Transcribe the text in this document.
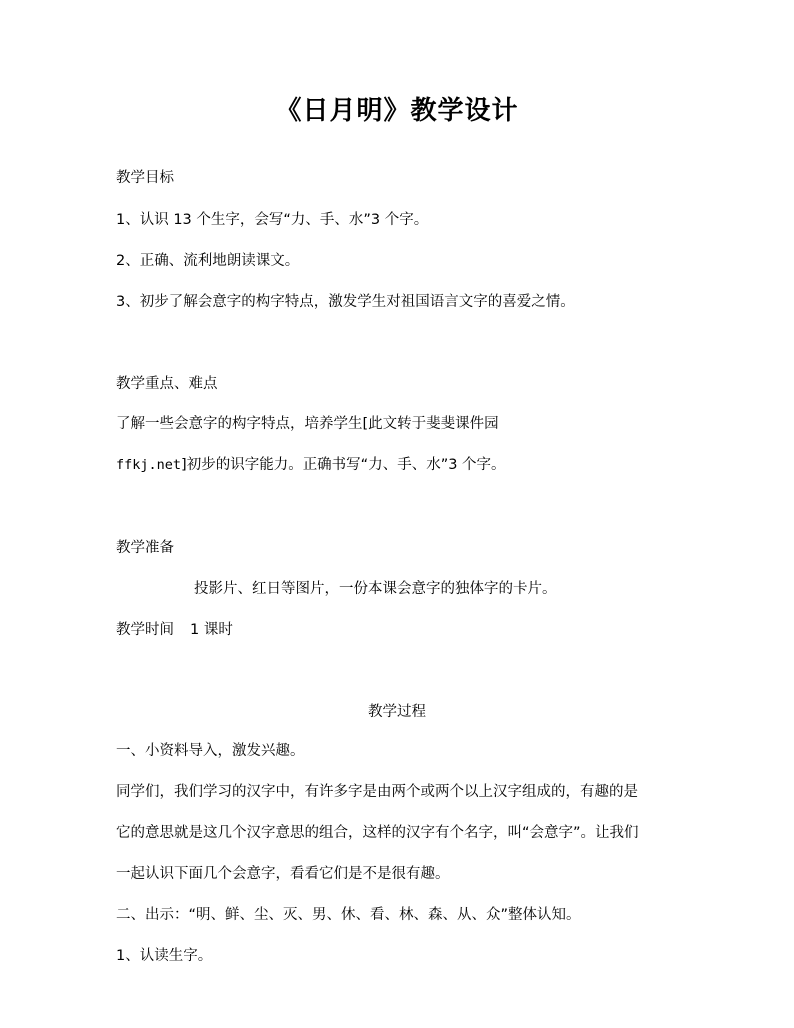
《日月明》教学设计
教学目标
1、认识 13 个生字，会写“力、手、水”3 个字。
2、正确、流利地朗读课文。
3、初步了解会意字的构字特点，激发学生对祖国语言文字的喜爱之情。
教学重点、难点
了解一些会意字的构字特点，培养学生[此文转于斐斐课件园
ffkj.net]初步的识字能力。正确书写“力、手、水”3 个字。
教学准备
投影片、红日等图片，一份本课会意字的独体字的卡片。
教学时间 1 课时
教学过程
一、小资料导入，激发兴趣。
同学们，我们学习的汉字中，有许多字是由两个或两个以上汉字组成的，有趣的是
它的意思就是这几个汉字意思的组合，这样的汉字有个名字，叫“会意字”。让我们
一起认识下面几个会意字，看看它们是不是很有趣。
二、出示：“明、鲜、尘、灭、男、休、看、林、森、从、众”整体认知。
1、认读生字。
